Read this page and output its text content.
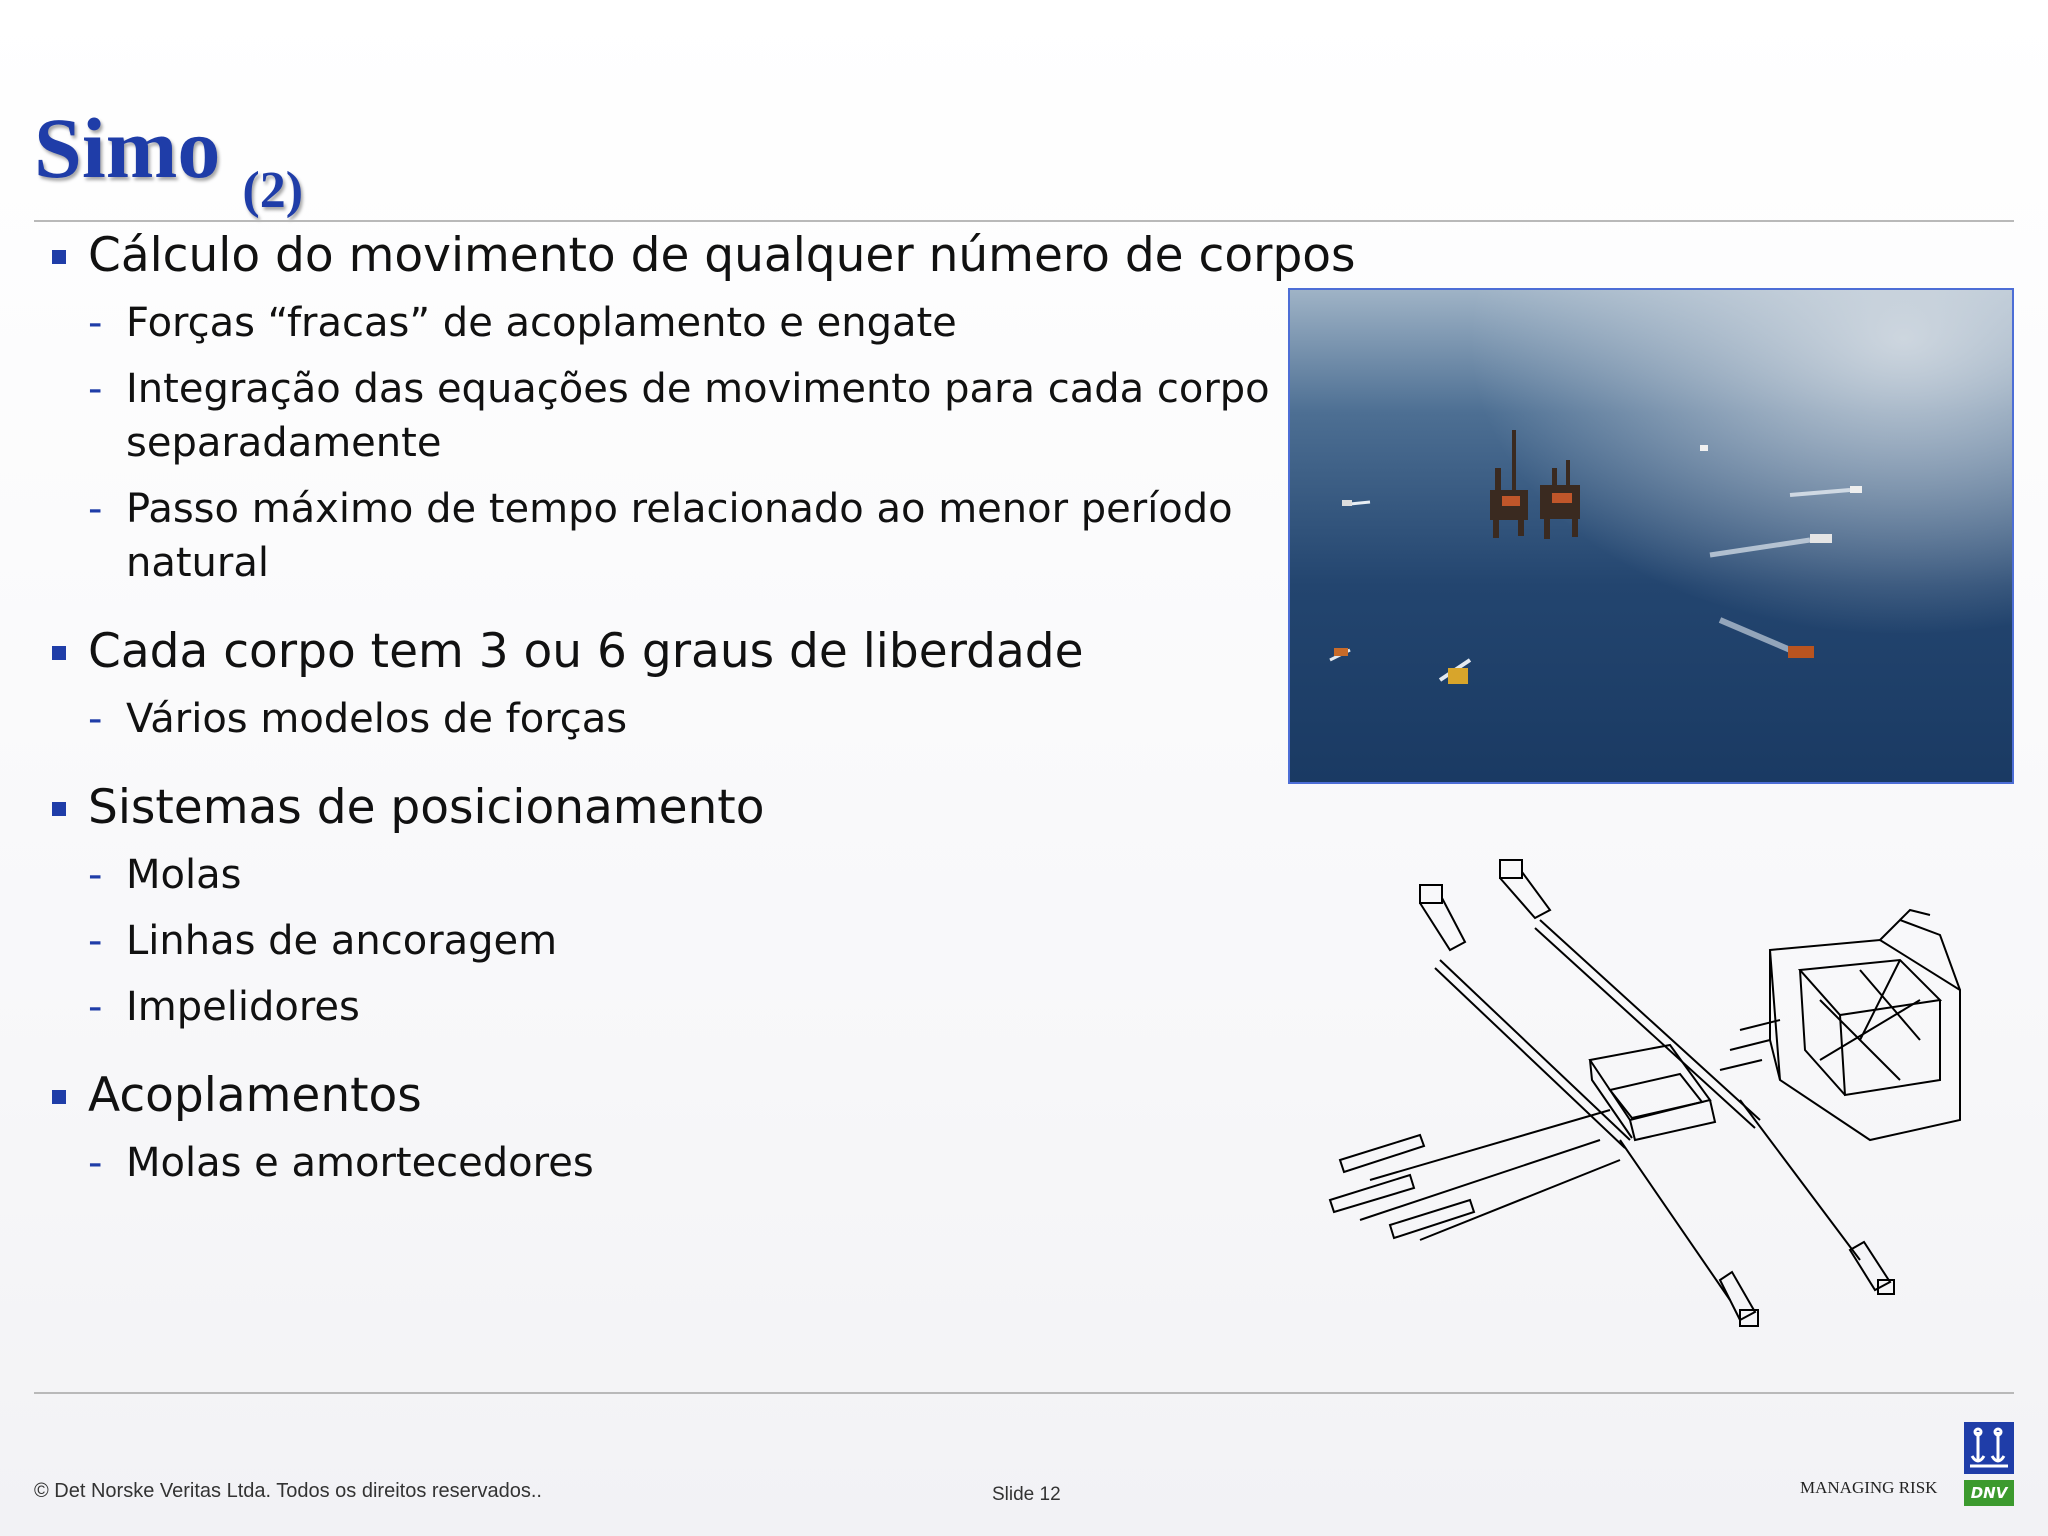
Simo (2)
Cálculo do movimento de qualquer número de corpos
- Forças “fracas” de acoplamento e engate
- Integração das equações de movimento para cada corpo separadamente
- Passo máximo de tempo relacionado ao menor período natural
Cada corpo tem 3 ou 6 graus de liberdade
- Vários modelos de forças
Sistemas de posicionamento
- Molas
- Linhas de ancoragem
- Impelidores
Acoplamentos
- Molas e amortecedores
© Det Norske Veritas Ltda. Todos os direitos reservados..	Slide 12	MANAGING RISK	DNV
